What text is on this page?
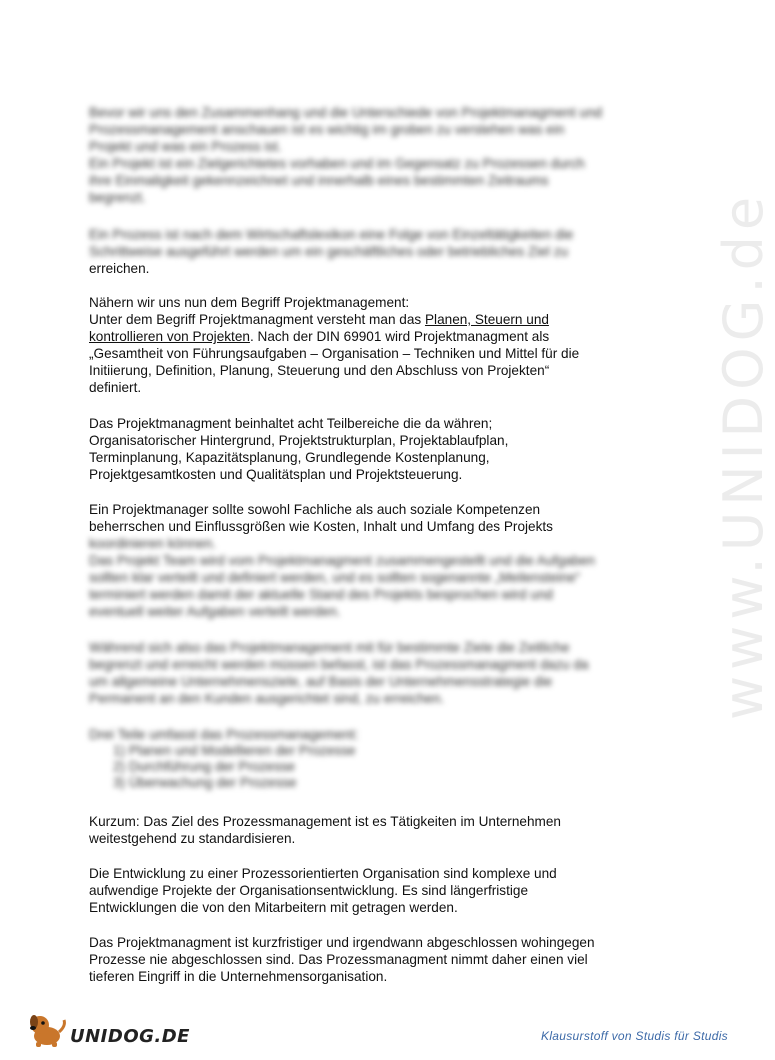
www.UNIDOG.de
Bevor wir uns den Zusammenhang und die Unterschiede von Projektmanagment und
Prozessmanagement anschauen ist es wichtig im groben zu verstehen was ein
Projekt und was ein Prozess ist.
Ein Projekt ist ein Zielgerichtetes vorhaben und im Gegensatz zu Prozessen durch
ihre Einmaligkeit gekennzeichnet und innerhalb eines bestimmten Zeitraums
begrenzt.
Ein Prozess ist nach dem Wirtschaftslexikon eine Folge von Einzeltätigkeiten die
Schrittweise ausgeführt werden um ein geschäftliches oder betriebliches Ziel zu
erreichen.
Nähern wir uns nun dem Begriff Projektmanagement:
Unter dem Begriff Projektmanagment versteht man das Planen, Steuern und
kontrollieren von Projekten. Nach der DIN 69901 wird Projektmanagment als
„Gesamtheit von Führungsaufgaben – Organisation – Techniken und Mittel für die
Initiierung, Definition, Planung, Steuerung und den Abschluss von Projekten“
definiert.
Das Projektmanagment beinhaltet acht Teilbereiche die da währen;
Organisatorischer Hintergrund, Projektstrukturplan, Projektablaufplan,
Terminplanung, Kapazitätsplanung, Grundlegende Kostenplanung,
Projektgesamtkosten und Qualitätsplan und Projektsteuerung.
Ein Projektmanager sollte sowohl Fachliche als auch soziale Kompetenzen
beherrschen und Einflussgrößen wie Kosten, Inhalt und Umfang des Projekts
koordinieren können.
Das Projekt Team wird vom Projektmanagment zusammengestellt und die Aufgaben
sollten klar verteilt und definiert werden, und es sollten sogenannte „Meilensteine“
terminiert werden damit der aktuelle Stand des Projekts besprochen wird und
eventuell weiter Aufgaben verteilt werden.
Während sich also das Projektmanagement mit für bestimmte Ziele die Zeitliche
begrenzt und erreicht werden müssen befasst, ist das Prozessmanagment dazu da
um allgemeine Unternehmensziele, auf Basis der Unternehmensstrategie die
Permanent an den Kunden ausgerichtet sind, zu erreichen.
Drei Teile umfasst das Prozessmanagement:
1) Planen und Modellieren der Prozesse
2) Durchführung der Prozesse
3) Überwachung der Prozesse
Kurzum: Das Ziel des Prozessmanagement ist es Tätigkeiten im Unternehmen
weitestgehend zu standardisieren.
Die Entwicklung zu einer Prozessorientierten Organisation sind komplexe und
aufwendige Projekte der Organisationsentwicklung. Es sind längerfristige
Entwicklungen die von den Mitarbeitern mit getragen werden.
Das Projektmanagment ist kurzfristiger und irgendwann abgeschlossen wohingegen
Prozesse nie abgeschlossen sind. Das Prozessmanagment nimmt daher einen viel
tieferen Eingriff in die Unternehmensorganisation.
UNIDOG.DE	Klausurstoff von Studis für Studis
